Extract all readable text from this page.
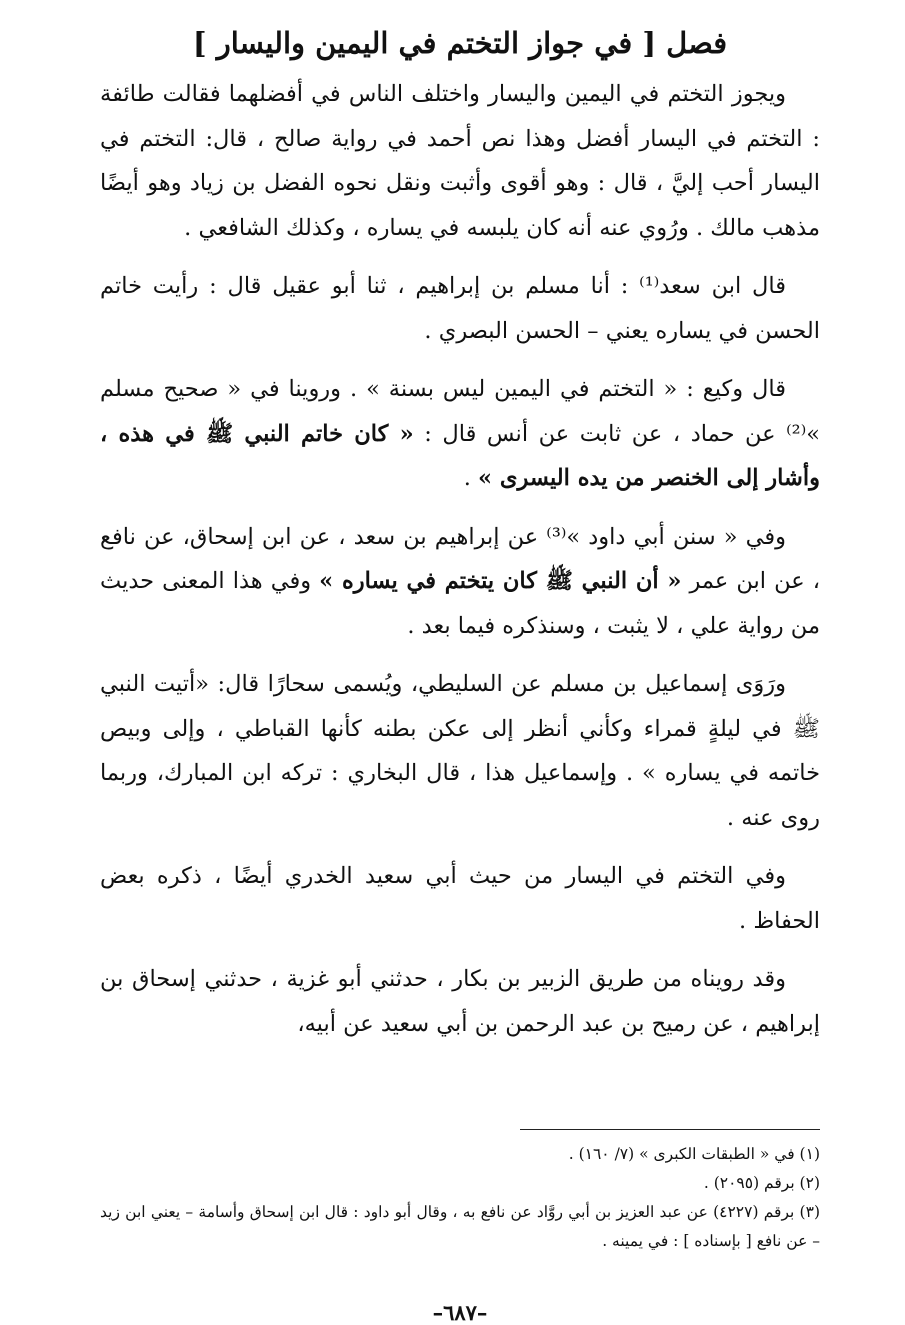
فصل [ في جواز التختم في اليمين واليسار ]

ويجوز التختم في اليمين واليسار واختلف الناس في أفضلهما فقالت طائفة : التختم في اليسار أفضل وهذا نص أحمد في رواية صالح ، قال: التختم في اليسار أحب إليَّ ، قال : وهو أقوى وأثبت ونقل نحوه الفضل بن زياد وهو أيضًا مذهب مالك . ورُوي عنه أنه كان يلبسه في يساره ، وكذلك الشافعي .

قال ابن سعد⁽¹⁾ : أنا مسلم بن إبراهيم ، ثنا أبو عقيل قال : رأيت خاتم الحسن في يساره يعني – الحسن البصري .

قال وكيع : « التختم في اليمين ليس بسنة » . وروينا في « صحيح مسلم »⁽²⁾ عن حماد ، عن ثابت عن أنس قال : « كان خاتم النبي ﷺ في هذه ، وأشار إلى الخنصر من يده اليسرى » .

وفي « سنن أبي داود »⁽³⁾ عن إبراهيم بن سعد ، عن ابن إسحاق، عن نافع ، عن ابن عمر « أن النبي ﷺ كان يتختم في يساره » وفي هذا المعنى حديث من رواية علي ، لا يثبت ، وسنذكره فيما بعد .

ورَوَى إسماعيل بن مسلم عن السليطي، ويُسمى سحارًا قال: «أتيت النبي ﷺ في ليلةٍ قمراء وكأني أنظر إلى عكن بطنه كأنها القباطي ، وإلى وبيص خاتمه في يساره » . وإسماعيل هذا ، قال البخاري : تركه ابن المبارك، وربما روى عنه .

وفي التختم في اليسار من حيث أبي سعيد الخدري أيضًا ، ذكره بعض الحفاظ .

وقد رويناه من طريق الزبير بن بكار ، حدثني أبو غزية ، حدثني إسحاق بن إبراهيم ، عن رميح بن عبد الرحمن بن أبي سعيد عن أبيه،

(١) في « الطبقات الكبرى » (٧/ ١٦٠) .

(٢) برقم (٢٠٩٥) .

(٣) برقم (٤٢٢٧) عن عبد العزيز بن أبي روَّاد عن نافع به ، وقال أبو داود : قال ابن إسحاق وأسامة – يعني ابن زيد – عن نافع [ بإسناده ] : في يمينه .

–٦٨٧–
